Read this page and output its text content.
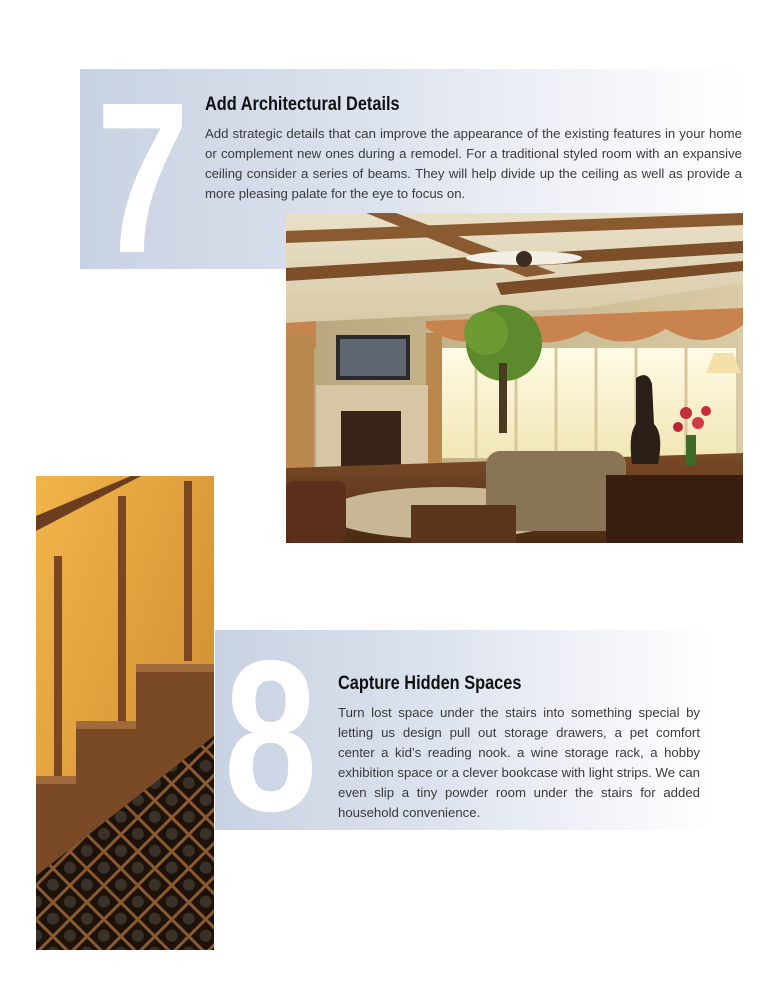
7 Add Architectural Details
Add strategic details that can improve the appearance of the existing features in your home or complement new ones during a remodel. For a traditional styled room with an expansive ceiling consider a series of beams. They will help divide up the ceiling as well as provide a more pleasing palate for the eye to focus on.
8 Capture Hidden Spaces
Turn lost space under the stairs into something special by letting us design pull out storage drawers, a pet comfort center a kid’s reading nook. a wine storage rack, a hobby exhibition space or a clever bookcase with light strips. We can even slip a tiny powder room under the stairs for added household convenience.
